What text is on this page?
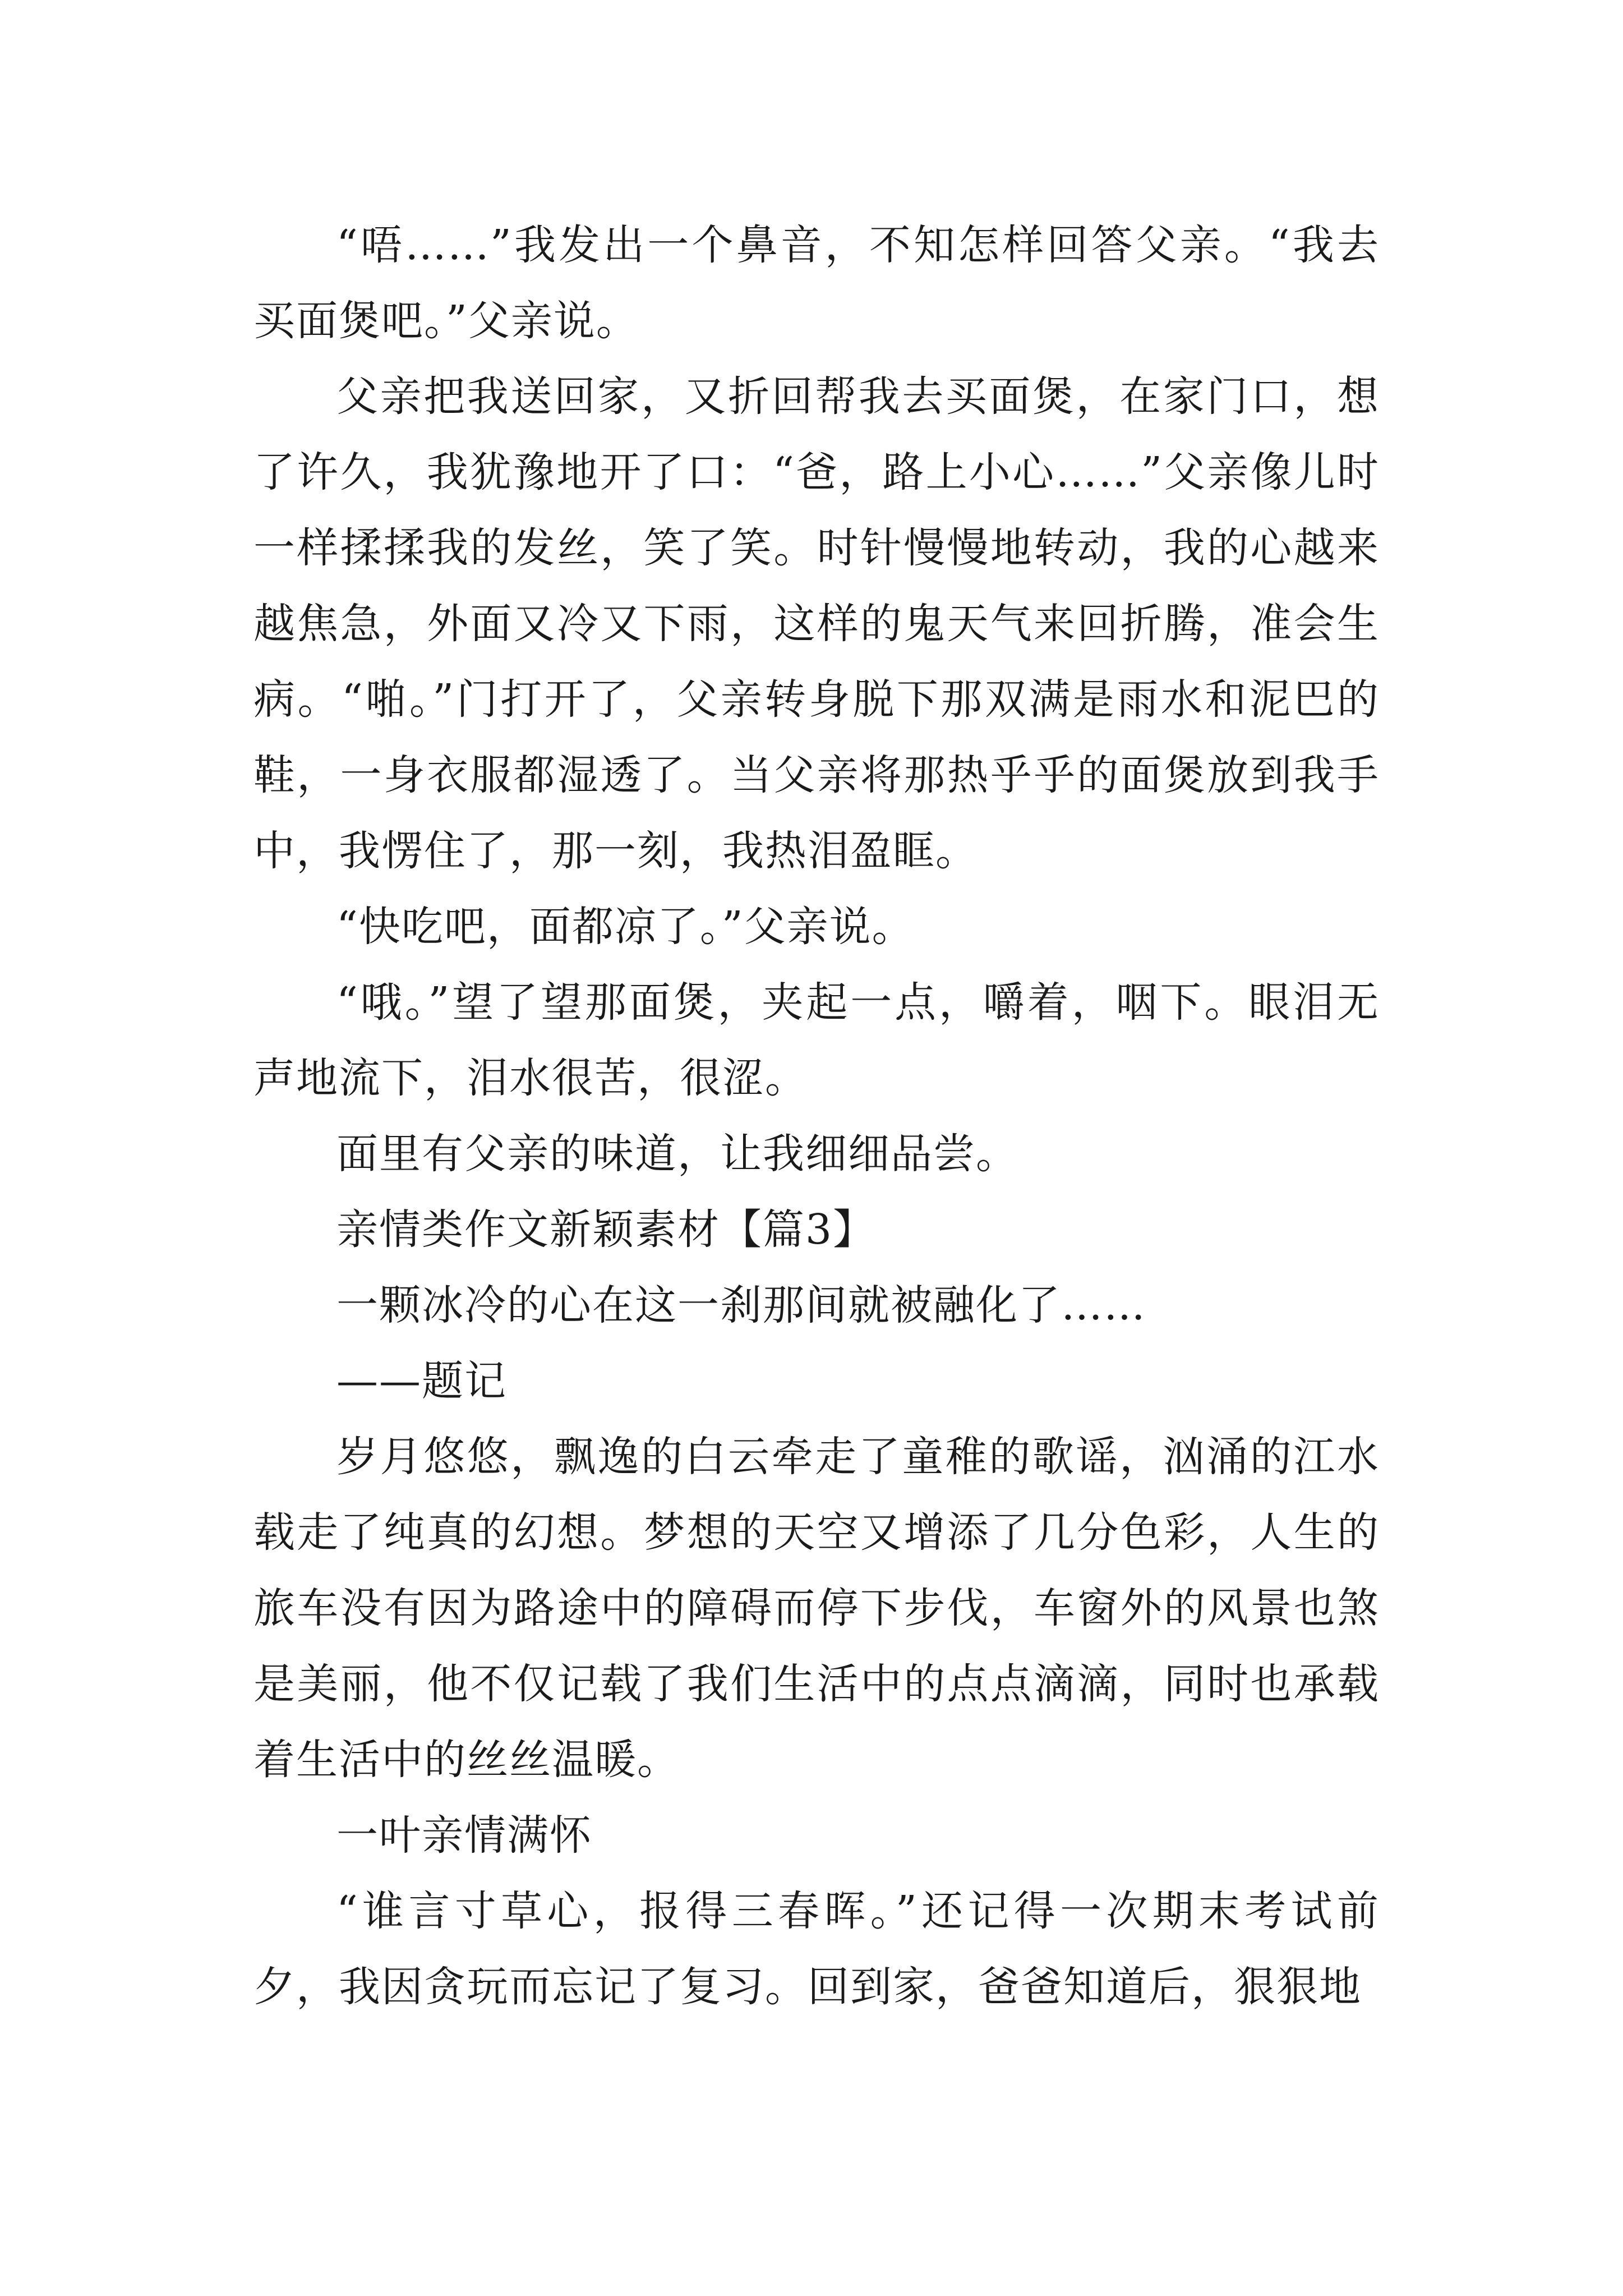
“唔……”我发出一个鼻音，不知怎样回答父亲。“我去买面煲吧。”父亲说。

父亲把我送回家，又折回帮我去买面煲，在家门口，想了许久，我犹豫地开了口：“爸，路上小心……”父亲像儿时一样揉揉我的发丝，笑了笑。时针慢慢地转动，我的心越来越焦急，外面又冷又下雨，这样的鬼天气来回折腾，准会生病。“啪。”门打开了，父亲转身脱下那双满是雨水和泥巴的鞋，一身衣服都湿透了。当父亲将那热乎乎的面煲放到我手中，我愣住了，那一刻，我热泪盈眶。

“快吃吧，面都凉了。”父亲说。

“哦。”望了望那面煲，夹起一点，嚼着，咽下。眼泪无声地流下，泪水很苦，很涩。

面里有父亲的味道，让我细细品尝。

亲情类作文新颖素材【篇3】

一颗冰冷的心在这一刹那间就被融化了……

——题记

岁月悠悠，飘逸的白云牵走了童稚的歌谣，汹涌的江水载走了纯真的幻想。梦想的天空又增添了几分色彩，人生的旅车没有因为路途中的障碍而停下步伐，车窗外的风景也煞是美丽，他不仅记载了我们生活中的点点滴滴，同时也承载着生活中的丝丝温暖。

一叶亲情满怀

“谁言寸草心，报得三春晖。”还记得一次期末考试前夕，我因贪玩而忘记了复习。回到家，爸爸知道后，狠狠地
